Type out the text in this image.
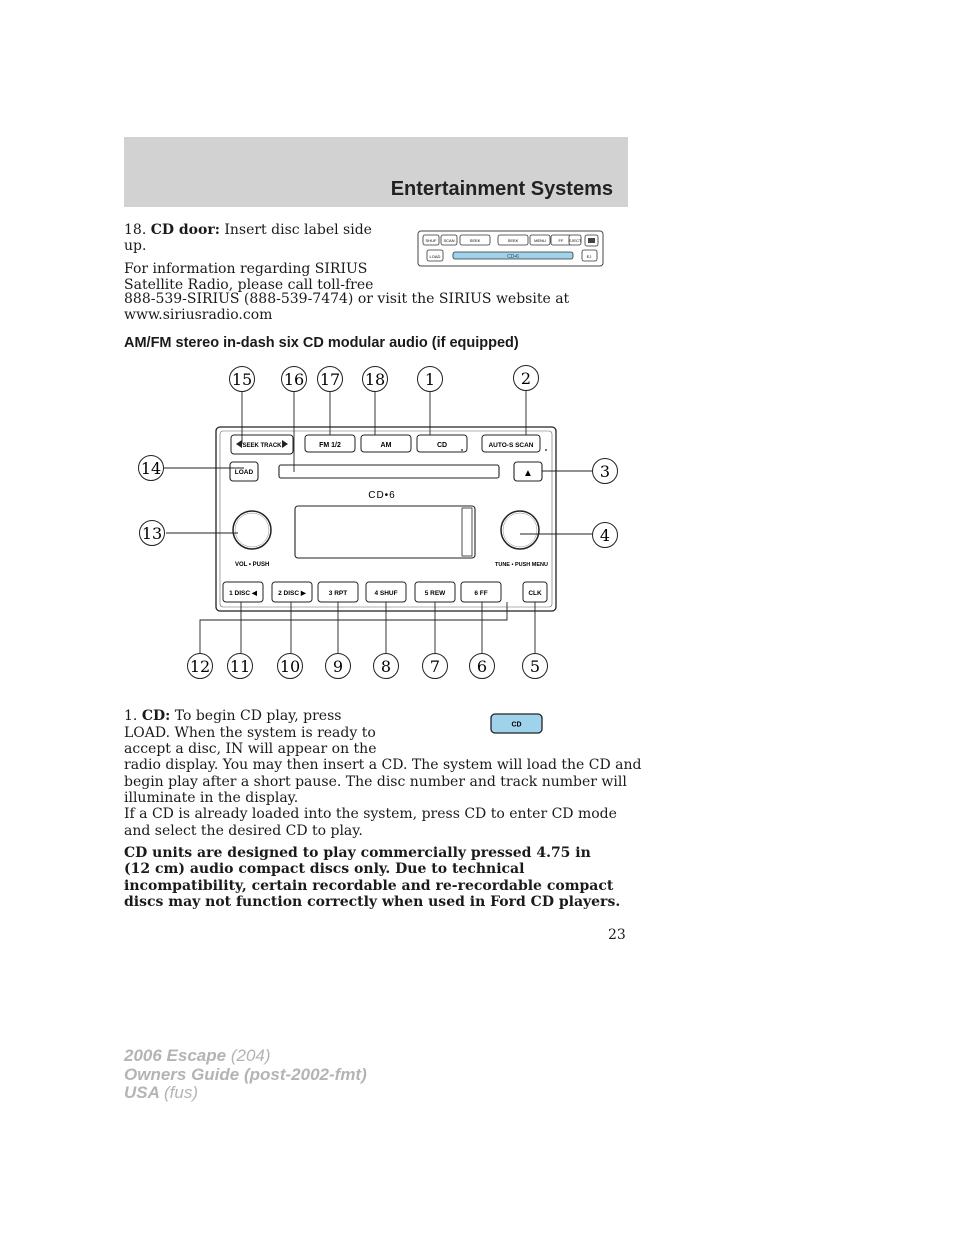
Entertainment Systems
18. CD door: Insert disc label side
up.
For information regarding SIRIUS
Satellite Radio, please call toll-free
888-539-SIRIUS (888-539-7474) or visit the SIRIUS website at
www.siriusradio.com
SHUF SCAN	SEEK	SEEK	MENU	FF EJECT
LOAD	CD•6	EJ
AM/FM stereo in-dash six CD modular audio (if equipped)
SEEK TRACK	FM 1/2	AM	CD	AUTO-S SCAN
LOAD	▲
CD•6
VOL • PUSH	TUNE • PUSH MENU
1 DISC ◀	2 DISC ▶	3 RPT	4 SHUF	5 REW	6 FF	CLK
15 16 17 18 1	2
14	3
13	4
12 11 10 9 8 7 6	5
1. CD: To begin CD play, press
LOAD. When the system is ready to
accept a disc, IN will appear on the
radio display. You may then insert a CD. The system will load the CD and
begin play after a short pause. The disc number and track number will
illuminate in the display.
If a CD is already loaded into the system, press CD to enter CD mode
and select the desired CD to play.
CD
CD units are designed to play commercially pressed 4.75 in
(12 cm) audio compact discs only. Due to technical
incompatibility, certain recordable and re-recordable compact
discs may not function correctly when used in Ford CD players.
23
2006 Escape (204)
Owners Guide (post-2002-fmt)
USA (fus)
